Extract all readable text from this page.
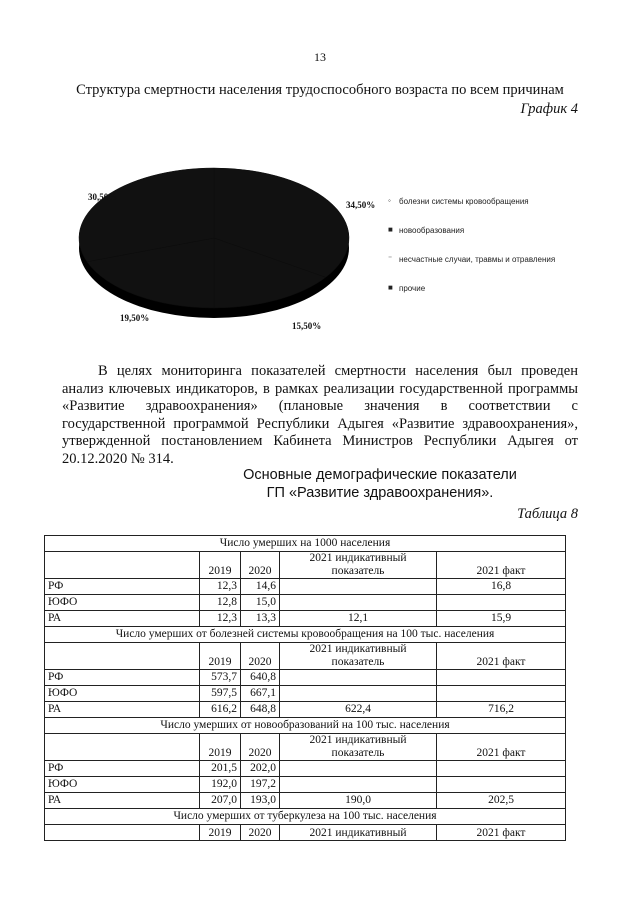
13
Структура смертности населения трудоспособного возраста по всем причинам
График 4
30,50%
34,50%
15,50%
19,50%
◦	болезни системы кровообращения
■ новообразования
⁻ несчастные случаи, травмы и отравления
■ прочие

В целях мониторинга показателей смертности населения был проведен анализ ключевых индикаторов, в рамках реализации государственной программы «Развитие здравоохранения» (плановые значения в соответствии с государственной программой Республики Адыгея «Развитие здравоохранения», утвержденной постановлением Кабинета Министров Республики Адыгея от 20.12.2020 № 314.

Основные демографические показатели
ГП «Развитие здравоохранения».
Таблица 8
Число умерших на 1000 населения				
	2019	2020	2021 индикативный показатель	2021 факт
РФ	12,3	14,6		16,8
ЮФО	12,8	15,0		
РА	12,3	13,3	12,1	15,9
Число умерших от болезней системы кровообращения на 100 тыс. населения				
	2019	2020	2021 индикативный показатель	2021 факт
РФ	573,7	640,8		
ЮФО	597,5	667,1		
РА	616,2	648,8	622,4	716,2
Число умерших от новообразований на 100 тыс. населения				
	2019	2020	2021 индикативный показатель	2021 факт
РФ	201,5	202,0		
ЮФО	192,0	197,2		
РА	207,0	193,0	190,0	202,5
Число умерших от туберкулеза на 100 тыс. населения				
	2019	2020	2021 индикативный	2021 факт
